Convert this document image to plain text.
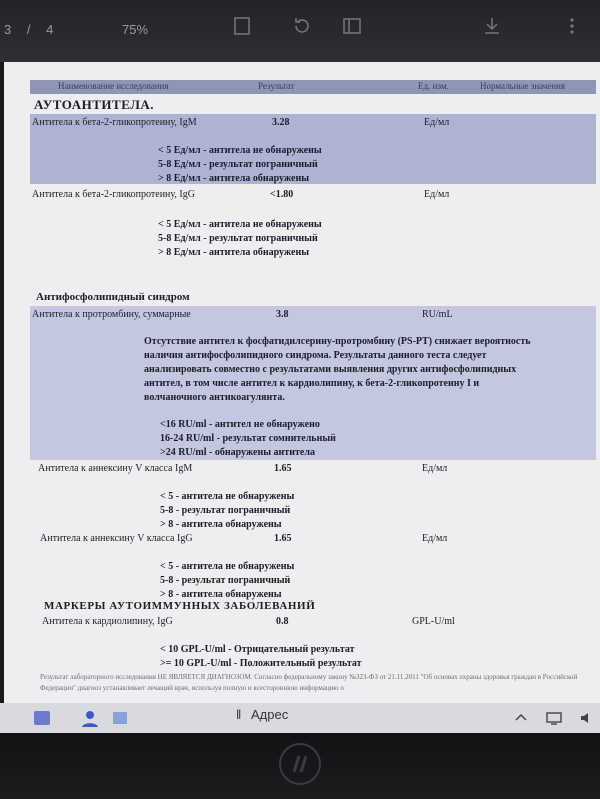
3 / 4	75%
Наименование исследования	Результат	Ед. изм.	Нормальные значения
АУТОАНТИТЕЛА.
Антитела к бета-2-гликопротеину, IgM	3.28	Ед/мл
< 5 Ед/мл - антитела не обнаружены
5-8 Ед/мл - результат пограничный
> 8 Ед/мл - антитела обнаружены
Антитела к бета-2-гликопротеину, IgG	<1.80	Ед/мл
< 5 Ед/мл - антитела не обнаружены
5-8 Ед/мл - результат пограничный
> 8 Ед/мл - антитела обнаружены
Антифосфолипидный синдром
Антитела к протромбину, суммарные	3.8	RU/mL
Отсутствие антител к фосфатидилсерину-протромбину (PS-PT) снижает вероятность наличия антифосфолипидного синдрома. Результаты данного теста следует анализировать совместно с результатами выявления других антифосфолипидных антител, в том числе антител к кардиолипину, к бета-2-гликопротеину I и волчаночного антикоагулянта.
<16 RU/ml - антител не обнаружено
16-24 RU/ml - результат сомнительный
>24 RU/ml - обнаружены антитела
Антитела к аннексину V класса IgM	1.65	Ед/мл
< 5 - антитела не обнаружены
5-8 - результат пограничный
> 8 - антитела обнаружены
Антитела к аннексину V класса IgG	1.65	Ед/мл
< 5 - антитела не обнаружены
5-8 - результат пограничный
> 8 - антитела обнаружены
МАРКЕРЫ АУТОИММУННЫХ ЗАБОЛЕВАНИЙ
Антитела к кардиолипину, IgG	0.8	GPL-U/ml
< 10 GPL-U/ml - Отрицательный результат
>= 10 GPL-U/ml - Положительный результат
Результат лабораторного исследования НЕ ЯВЛЯЕТСЯ ДИАГНОЗОМ. Согласно федеральному закону №323-ФЗ от 21.11.2011 "Об основах охраны здоровья граждан в Российской Федерации" диагноз устанавливает лечащий врач, используя полную и всестороннюю информацию о
‖ Адрес
